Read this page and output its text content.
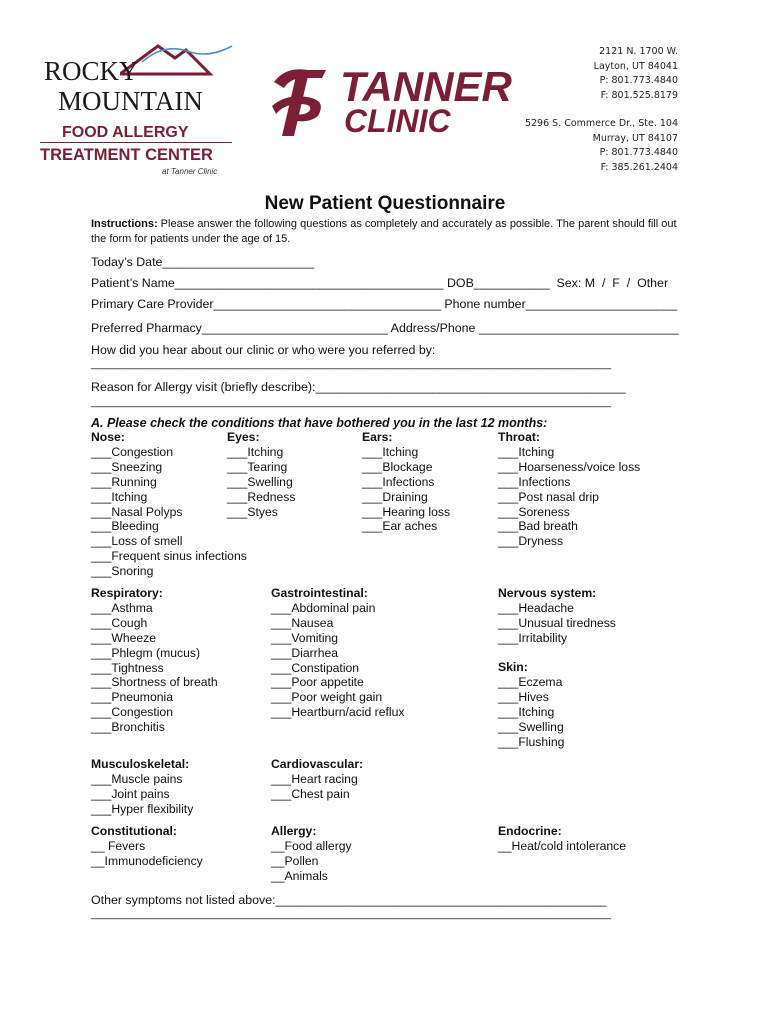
ROCKY
MOUNTAIN
FOOD ALLERGY
TREATMENT CENTER
at Tanner Clinic
TANNER
CLINIC
2121 N. 1700 W.
Layton, UT 84041
P: 801.773.4840
F: 801.525.8179
5296 S. Commerce Dr., Ste. 104
Murray, UT 84107
P: 801.773.4840
F: 385.261.2404
New Patient Questionnaire
Instructions: Please answer the following questions as completely and accurately as possible. The parent should fill out the form for patients under the age of 15.
Today’s Date______________________
Patient’s Name_______________________________________ DOB___________  Sex: M  /  F  /  Other
Primary Care Provider_________________________________ Phone number______________________
Preferred Pharmacy___________________________ Address/Phone _____________________________
How did you hear about our clinic or who were you referred by:
_____________________________________________________________________________________
Reason for Allergy visit (briefly describe):_____________________________________________
_____________________________________________________________________________________
A. Please check the conditions that have bothered you in the last 12 months:
Nose:
___Congestion
___Sneezing
___Running
___Itching
___Nasal Polyps
___Bleeding
___Loss of smell
___Frequent sinus infections
___Snoring
Eyes:
___Itching
___Tearing
___Swelling
___Redness
___Styes
Ears:
___Itching
___Blockage
___Infections
___Draining
___Hearing loss
___Ear aches
Throat:
___Itching
___Hoarseness/voice loss
___Infections
___Post nasal drip
___Soreness
___Bad breath
___Dryness
Respiratory:
___Asthma
___Cough
___Wheeze
___Phlegm (mucus)
___Tightness
___Shortness of breath
___Pneumonia
___Congestion
___Bronchitis
Gastrointestinal:
___Abdominal pain
___Nausea
___Vomiting
___Diarrhea
___Constipation
___Poor appetite
___Poor weight gain
___Heartburn/acid reflux
Nervous system:
___Headache
___Unusual tiredness
___Irritability
Skin:
___Eczema
___Hives
___Itching
___Swelling
___Flushing
Musculoskeletal:
___Muscle pains
___Joint pains
___Hyper flexibility
Cardiovascular:
___Heart racing
___Chest pain
Constitutional:
__ Fevers
__Immunodeficiency
Allergy:
__Food allergy
__Pollen
__Animals
Endocrine:
__Heat/cold intolerance
Other symptoms not listed above:________________________________________________
_____________________________________________________________________________________
